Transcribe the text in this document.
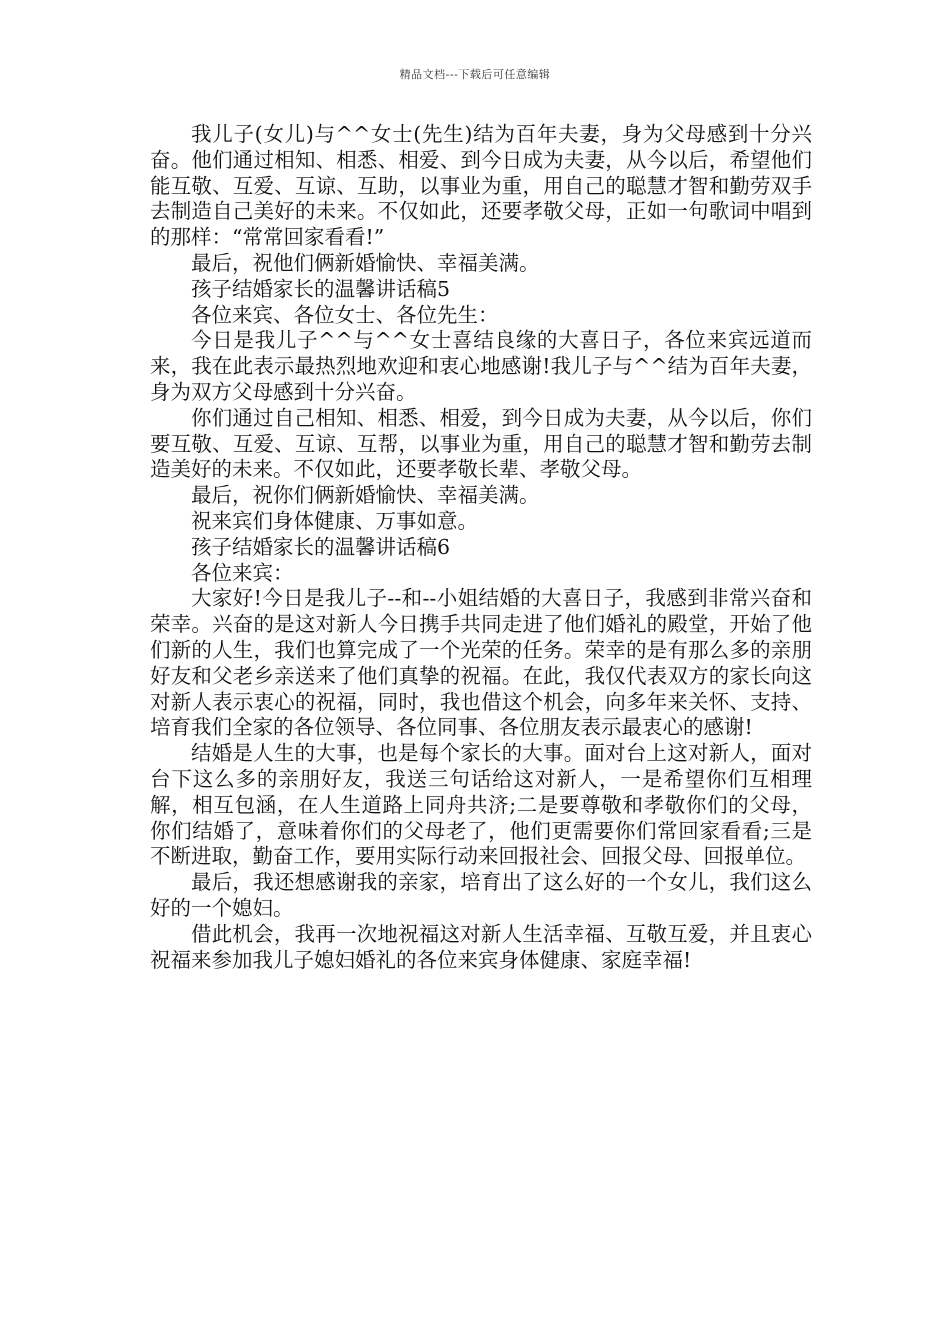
精品文档---下载后可任意编辑

我儿子(女儿)与^^女士(先生)结为百年夫妻，身为父母感到十分兴奋。他们通过相知、相悉、相爱、到今日成为夫妻，从今以后，希望他们能互敬、互爱、互谅、互助，以事业为重，用自己的聪慧才智和勤劳双手去制造自己美好的未来。不仅如此，还要孝敬父母，正如一句歌词中唱到的那样：“常常回家看看!”

最后，祝他们俩新婚愉快、幸福美满。

孩子结婚家长的温馨讲话稿5

各位来宾、各位女士、各位先生：

今日是我儿子^^与^^女士喜结良缘的大喜日子，各位来宾远道而来，我在此表示最热烈地欢迎和衷心地感谢!我儿子与^^结为百年夫妻，身为双方父母感到十分兴奋。

你们通过自己相知、相悉、相爱，到今日成为夫妻，从今以后，你们要互敬、互爱、互谅、互帮，以事业为重，用自己的聪慧才智和勤劳去制造美好的未来。不仅如此，还要孝敬长辈、孝敬父母。

最后，祝你们俩新婚愉快、幸福美满。

祝来宾们身体健康、万事如意。

孩子结婚家长的温馨讲话稿6

各位来宾：

大家好!今日是我儿子--和--小姐结婚的大喜日子，我感到非常兴奋和荣幸。兴奋的是这对新人今日携手共同走进了他们婚礼的殿堂，开始了他们新的人生，我们也算完成了一个光荣的任务。荣幸的是有那么多的亲朋好友和父老乡亲送来了他们真挚的祝福。在此，我仅代表双方的家长向这对新人表示衷心的祝福，同时，我也借这个机会，向多年来关怀、支持、培育我们全家的各位领导、各位同事、各位朋友表示最衷心的感谢!

结婚是人生的大事，也是每个家长的大事。面对台上这对新人，面对台下这么多的亲朋好友，我送三句话给这对新人，一是希望你们互相理解，相互包涵，在人生道路上同舟共济;二是要尊敬和孝敬你们的父母，你们结婚了，意味着你们的父母老了，他们更需要你们常回家看看;三是不断进取，勤奋工作，要用实际行动来回报社会、回报父母、回报单位。

最后，我还想感谢我的亲家，培育出了这么好的一个女儿，我们这么好的一个媳妇。

借此机会，我再一次地祝福这对新人生活幸福、互敬互爱，并且衷心祝福来参加我儿子媳妇婚礼的各位来宾身体健康、家庭幸福!
